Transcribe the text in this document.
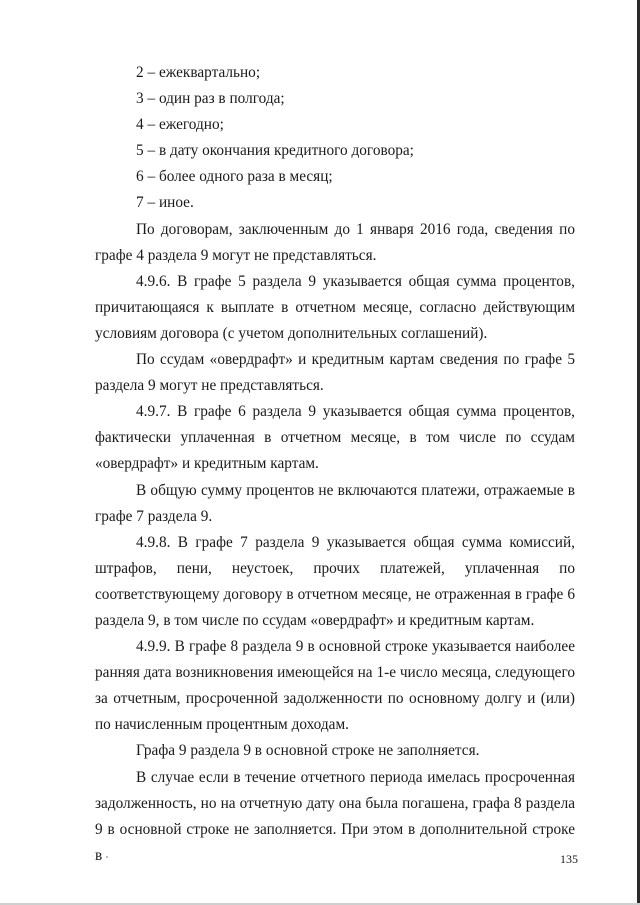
2 – ежеквартально;

3 – один раз в полгода;

4 – ежегодно;

5 – в дату окончания кредитного договора;

6 – более одного раза в месяц;

7 – иное.

По договорам, заключенным до 1 января 2016 года, сведения по графе 4 раздела 9 могут не представляться.

4.9.6. В графе 5 раздела 9 указывается общая сумма процентов, причитающаяся к выплате в отчетном месяце, согласно действующим условиям договора (с учетом дополнительных соглашений).

По ссудам «овердрафт» и кредитным картам сведения по графе 5 раздела 9 могут не представляться.

4.9.7. В графе 6 раздела 9 указывается общая сумма процентов, фактически уплаченная в отчетном месяце, в том числе по ссудам «овердрафт» и кредитным картам.

В общую сумму процентов не включаются платежи, отражаемые в графе 7 раздела 9.

4.9.8. В графе 7 раздела 9 указывается общая сумма комиссий, штрафов, пени, неустоек, прочих платежей, уплаченная по соответствующему договору в отчетном месяце, не отраженная в графе 6 раздела 9, в том числе по ссудам «овердрафт» и кредитным картам.

4.9.9. В графе 8 раздела 9 в основной строке указывается наиболее ранняя дата возникновения имеющейся на 1-е число месяца, следующего за отчетным, просроченной задолженности по основному долгу и (или) по начисленным процентным доходам.

Графа 9 раздела 9 в основной строке не заполняется.

В случае если в течение отчетного периода имелась просроченная задолженность, но на отчетную дату она была погашена, графа 8 раздела 9 в основной строке не заполняется. При этом в дополнительной строке в	135
